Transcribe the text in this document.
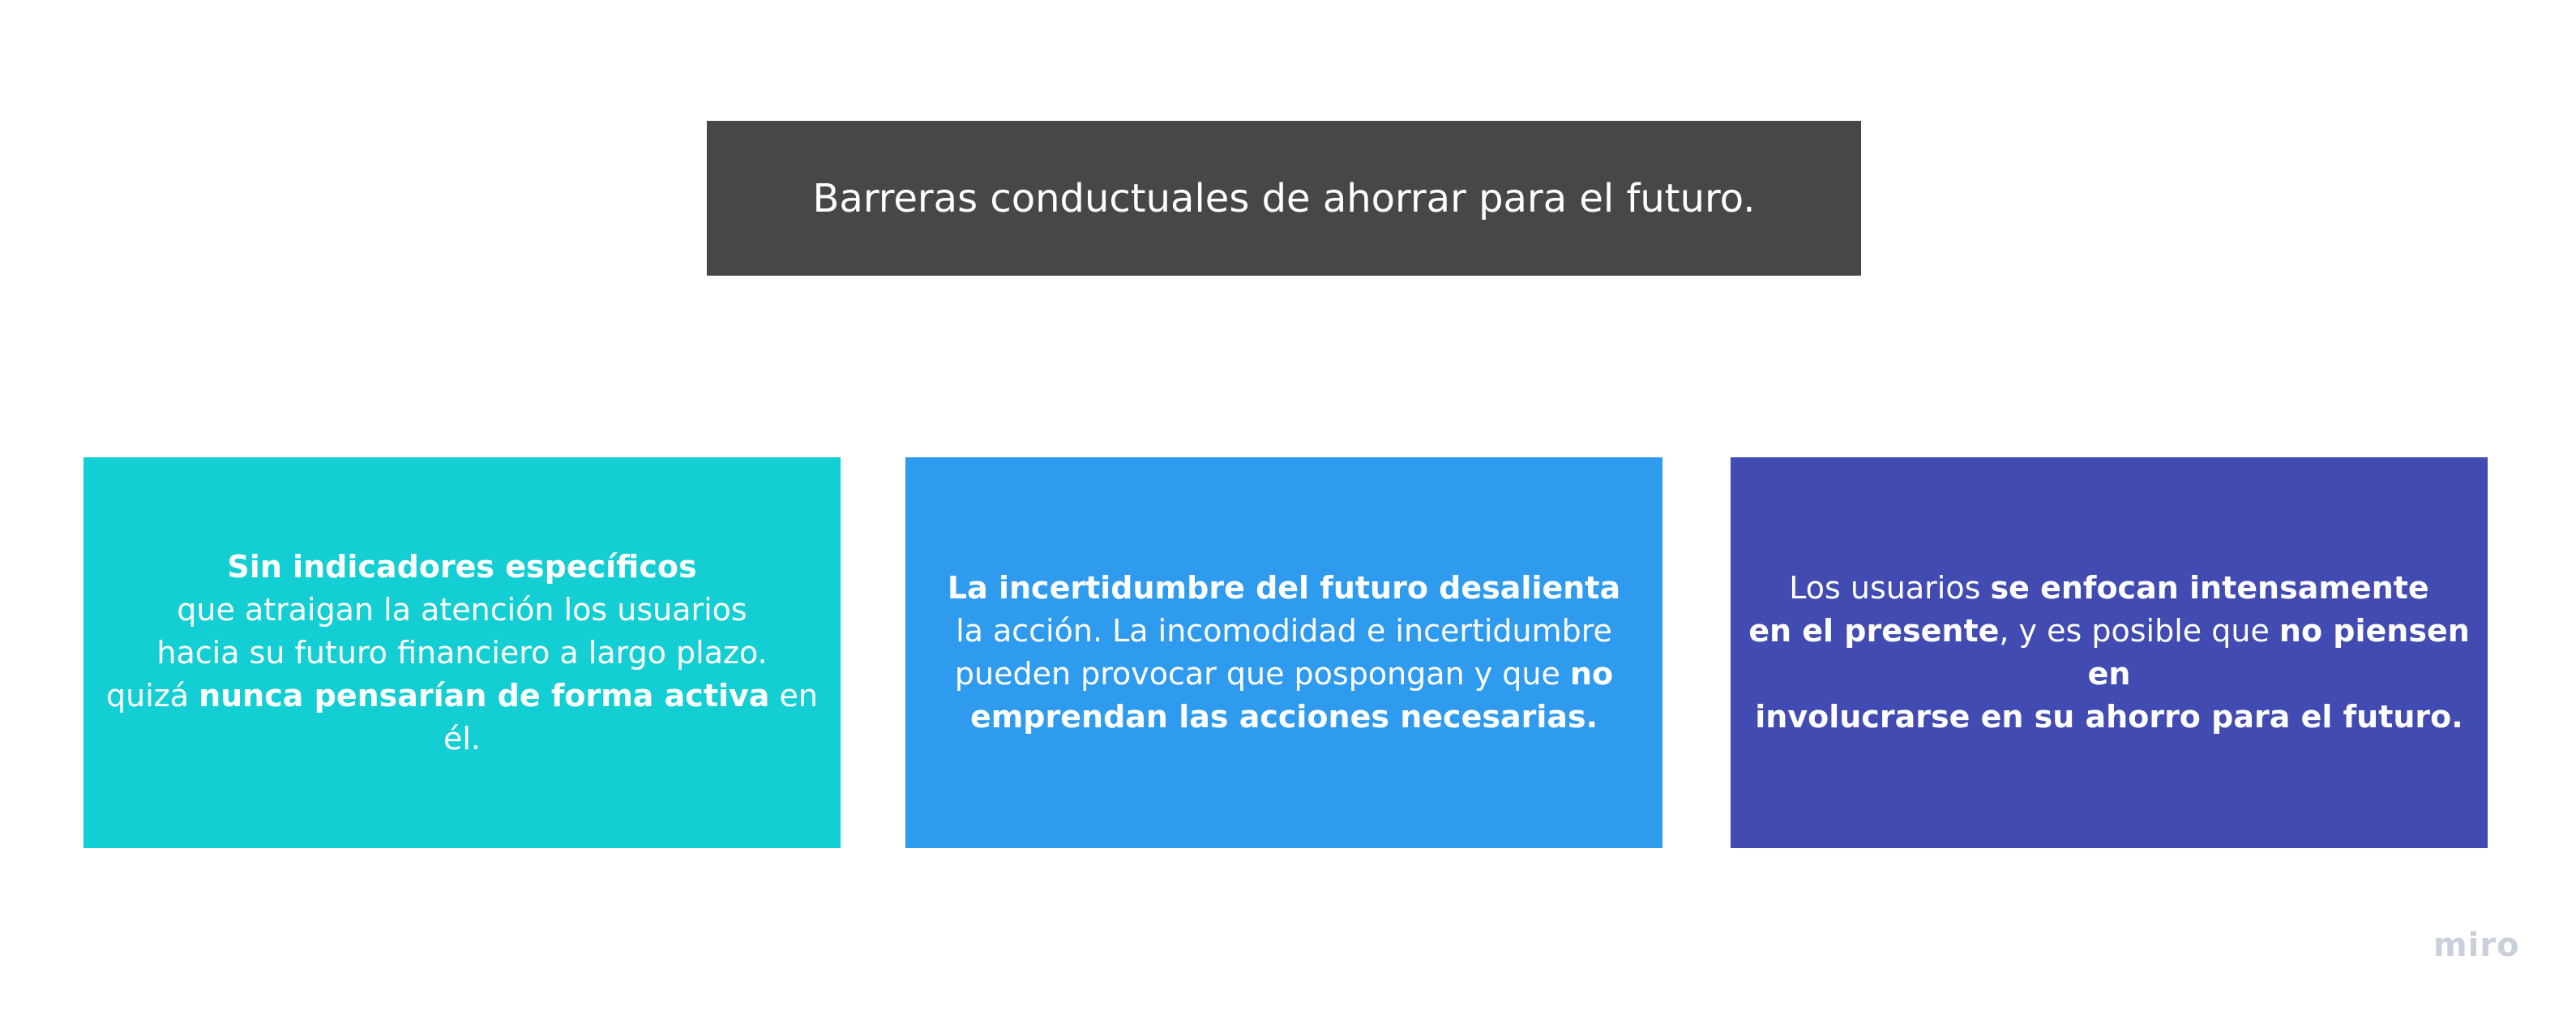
Barreras conductuales de ahorrar para el futuro.
Sin indicadores específicos
que atraigan la atención los usuarios
hacia su futuro financiero a largo plazo.
quizá nunca pensarían de forma activa en él.
La incertidumbre del futuro desalienta
la acción. La incomodidad e incertidumbre
pueden provocar que pospongan y que no
emprendan las acciones necesarias.
Los usuarios se enfocan intensamente
en el presente, y es posible que no piensen en
involucrarse en su ahorro para el futuro.
miro
